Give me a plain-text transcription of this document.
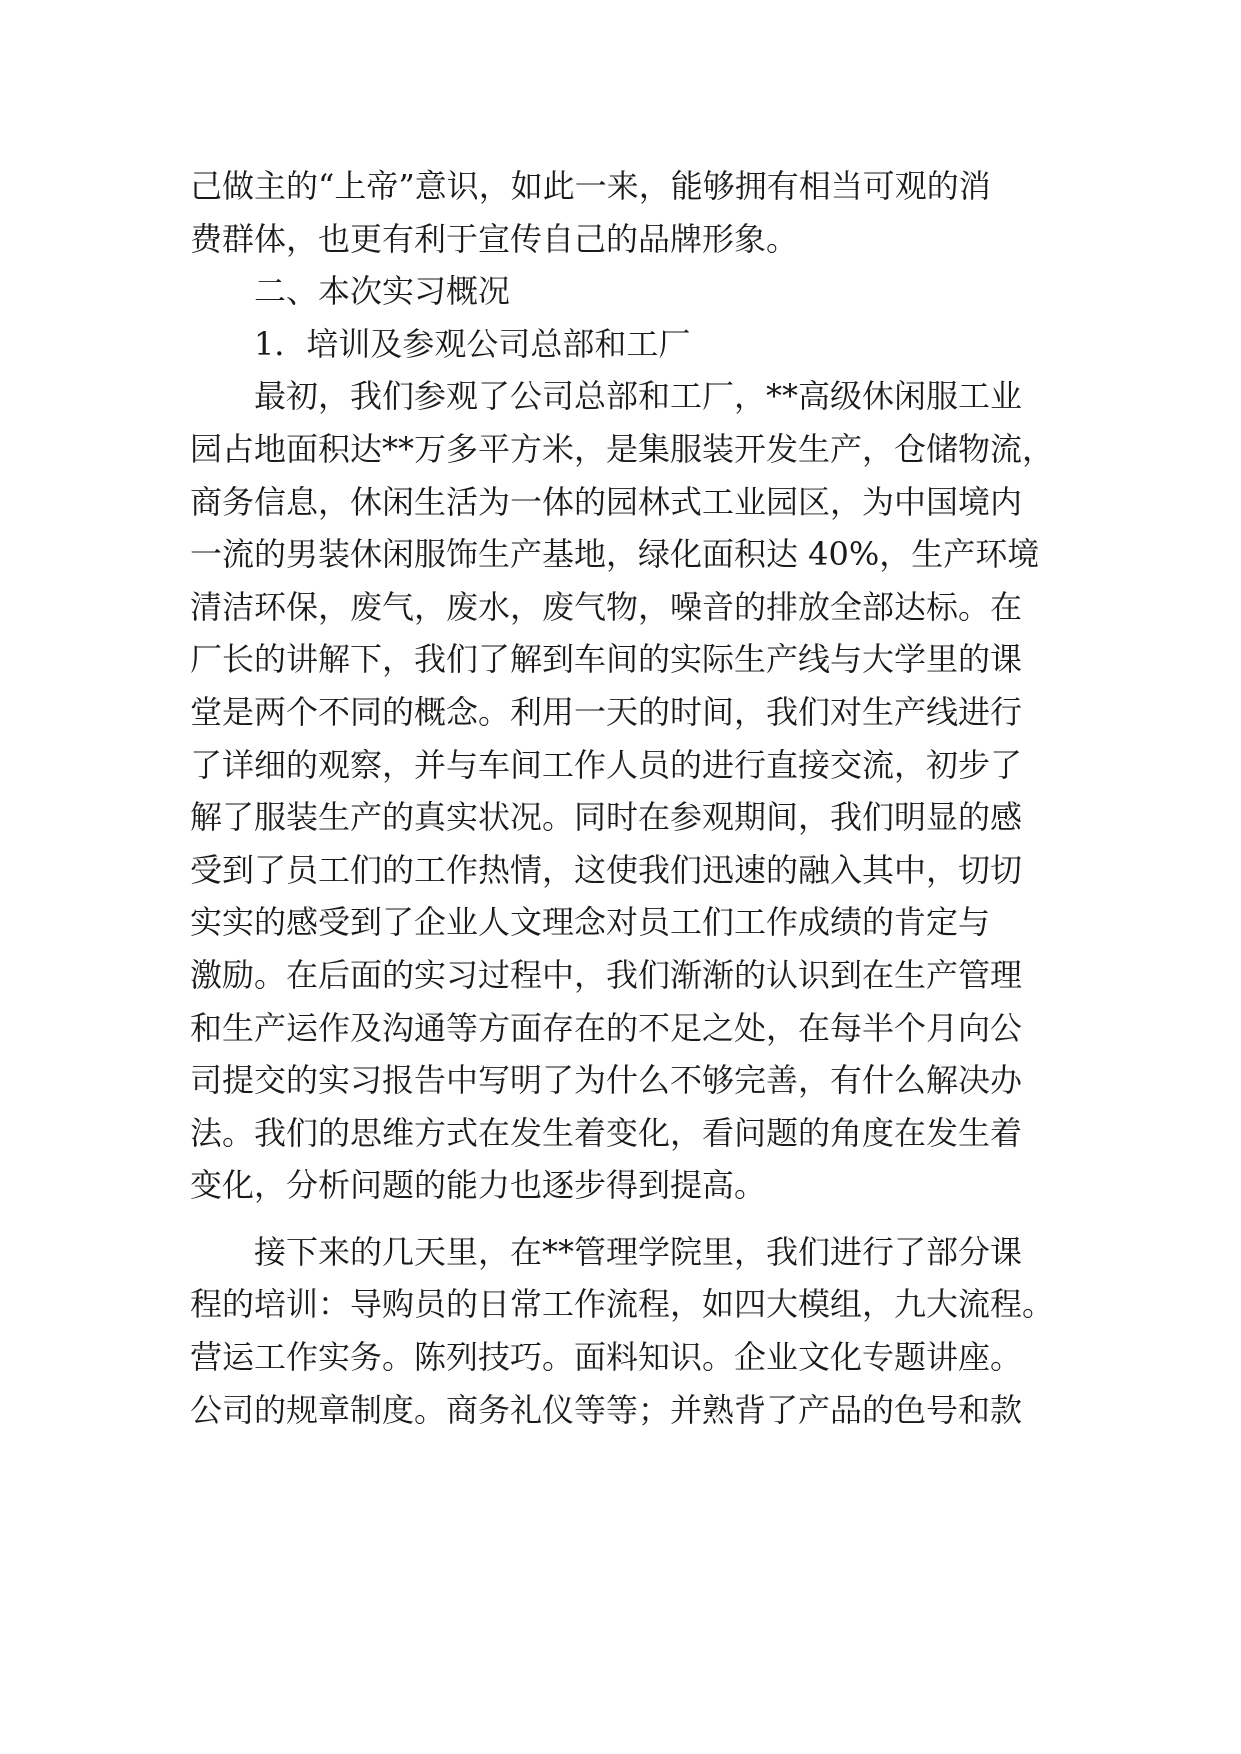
己做主的“上帝”意识，如此一来，能够拥有相当可观的消
费群体，也更有利于宣传自己的品牌形象。
　　二、本次实习概况
　　1．培训及参观公司总部和工厂
　　最初，我们参观了公司总部和工厂，**高级休闲服工业
园占地面积达**万多平方米，是集服装开发生产，仓储物流，
商务信息，休闲生活为一体的园林式工业园区，为中国境内
一流的男装休闲服饰生产基地，绿化面积达 40%，生产环境
清洁环保，废气，废水，废气物，噪音的排放全部达标。在
厂长的讲解下，我们了解到车间的实际生产线与大学里的课
堂是两个不同的概念。利用一天的时间，我们对生产线进行
了详细的观察，并与车间工作人员的进行直接交流，初步了
解了服装生产的真实状况。同时在参观期间，我们明显的感
受到了员工们的工作热情，这使我们迅速的融入其中，切切
实实的感受到了企业人文理念对员工们工作成绩的肯定与
激励。在后面的实习过程中，我们渐渐的认识到在生产管理
和生产运作及沟通等方面存在的不足之处，在每半个月向公
司提交的实习报告中写明了为什么不够完善，有什么解决办
法。我们的思维方式在发生着变化，看问题的角度在发生着
变化，分析问题的能力也逐步得到提高。
　　接下来的几天里，在**管理学院里，我们进行了部分课
程的培训：导购员的日常工作流程，如四大模组，九大流程。
营运工作实务。陈列技巧。面料知识。企业文化专题讲座。
公司的规章制度。商务礼仪等等；并熟背了产品的色号和款
